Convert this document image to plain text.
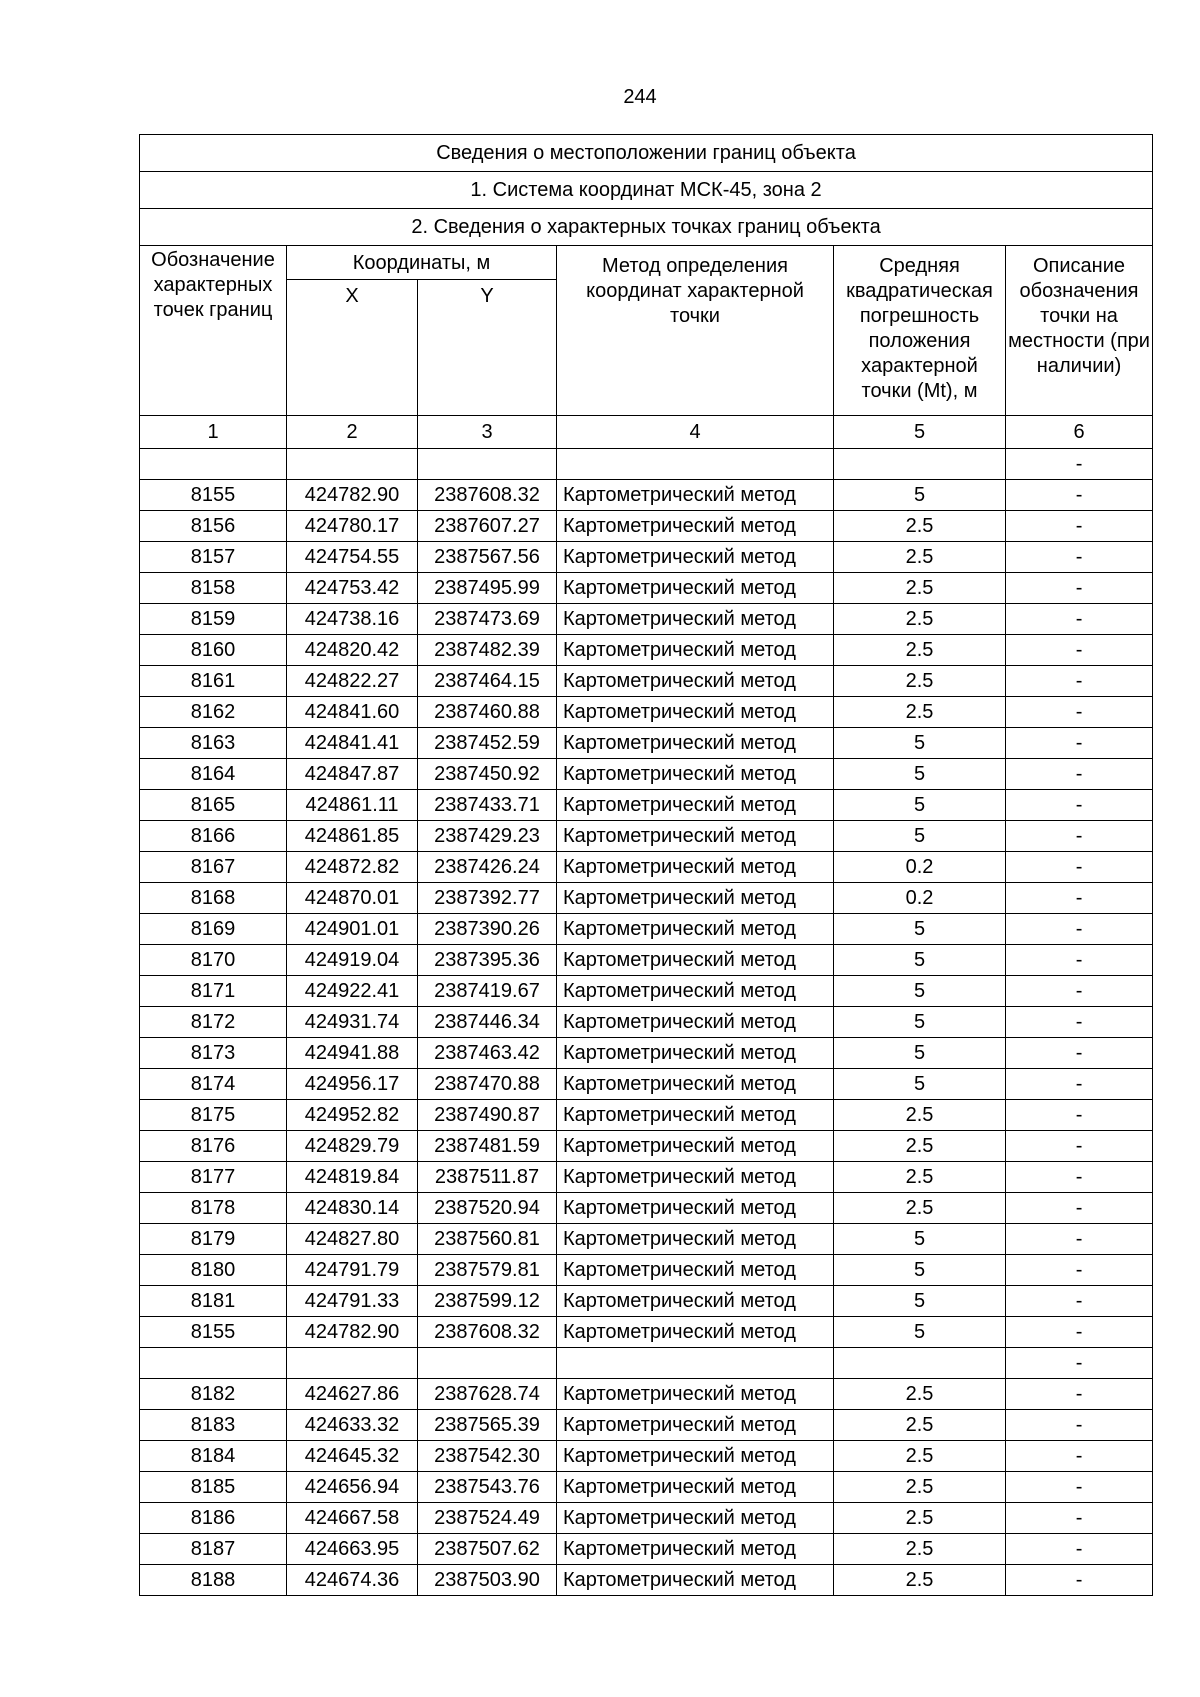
244
Сведения о местоположении границ объекта					
1. Система координат МСК-45, зона 2					
2. Сведения о характерных точках границ объекта					
Обозначение характерных точек границ	Координаты, м		Метод определения координат характерной точки	Средняя квадратическая погрешность положения характерной точки (Mt), м	Описание обозначения точки на местности (при наличии)
	X	Y			
1	2	3	4	5	6
					-
8155	424782.90	2387608.32	Картометрический метод	5	-
8156	424780.17	2387607.27	Картометрический метод	2.5	-
8157	424754.55	2387567.56	Картометрический метод	2.5	-
8158	424753.42	2387495.99	Картометрический метод	2.5	-
8159	424738.16	2387473.69	Картометрический метод	2.5	-
8160	424820.42	2387482.39	Картометрический метод	2.5	-
8161	424822.27	2387464.15	Картометрический метод	2.5	-
8162	424841.60	2387460.88	Картометрический метод	2.5	-
8163	424841.41	2387452.59	Картометрический метод	5	-
8164	424847.87	2387450.92	Картометрический метод	5	-
8165	424861.11	2387433.71	Картометрический метод	5	-
8166	424861.85	2387429.23	Картометрический метод	5	-
8167	424872.82	2387426.24	Картометрический метод	0.2	-
8168	424870.01	2387392.77	Картометрический метод	0.2	-
8169	424901.01	2387390.26	Картометрический метод	5	-
8170	424919.04	2387395.36	Картометрический метод	5	-
8171	424922.41	2387419.67	Картометрический метод	5	-
8172	424931.74	2387446.34	Картометрический метод	5	-
8173	424941.88	2387463.42	Картометрический метод	5	-
8174	424956.17	2387470.88	Картометрический метод	5	-
8175	424952.82	2387490.87	Картометрический метод	2.5	-
8176	424829.79	2387481.59	Картометрический метод	2.5	-
8177	424819.84	2387511.87	Картометрический метод	2.5	-
8178	424830.14	2387520.94	Картометрический метод	2.5	-
8179	424827.80	2387560.81	Картометрический метод	5	-
8180	424791.79	2387579.81	Картометрический метод	5	-
8181	424791.33	2387599.12	Картометрический метод	5	-
8155	424782.90	2387608.32	Картометрический метод	5	-
					-
8182	424627.86	2387628.74	Картометрический метод	2.5	-
8183	424633.32	2387565.39	Картометрический метод	2.5	-
8184	424645.32	2387542.30	Картометрический метод	2.5	-
8185	424656.94	2387543.76	Картометрический метод	2.5	-
8186	424667.58	2387524.49	Картометрический метод	2.5	-
8187	424663.95	2387507.62	Картометрический метод	2.5	-
8188	424674.36	2387503.90	Картометрический метод	2.5	-
